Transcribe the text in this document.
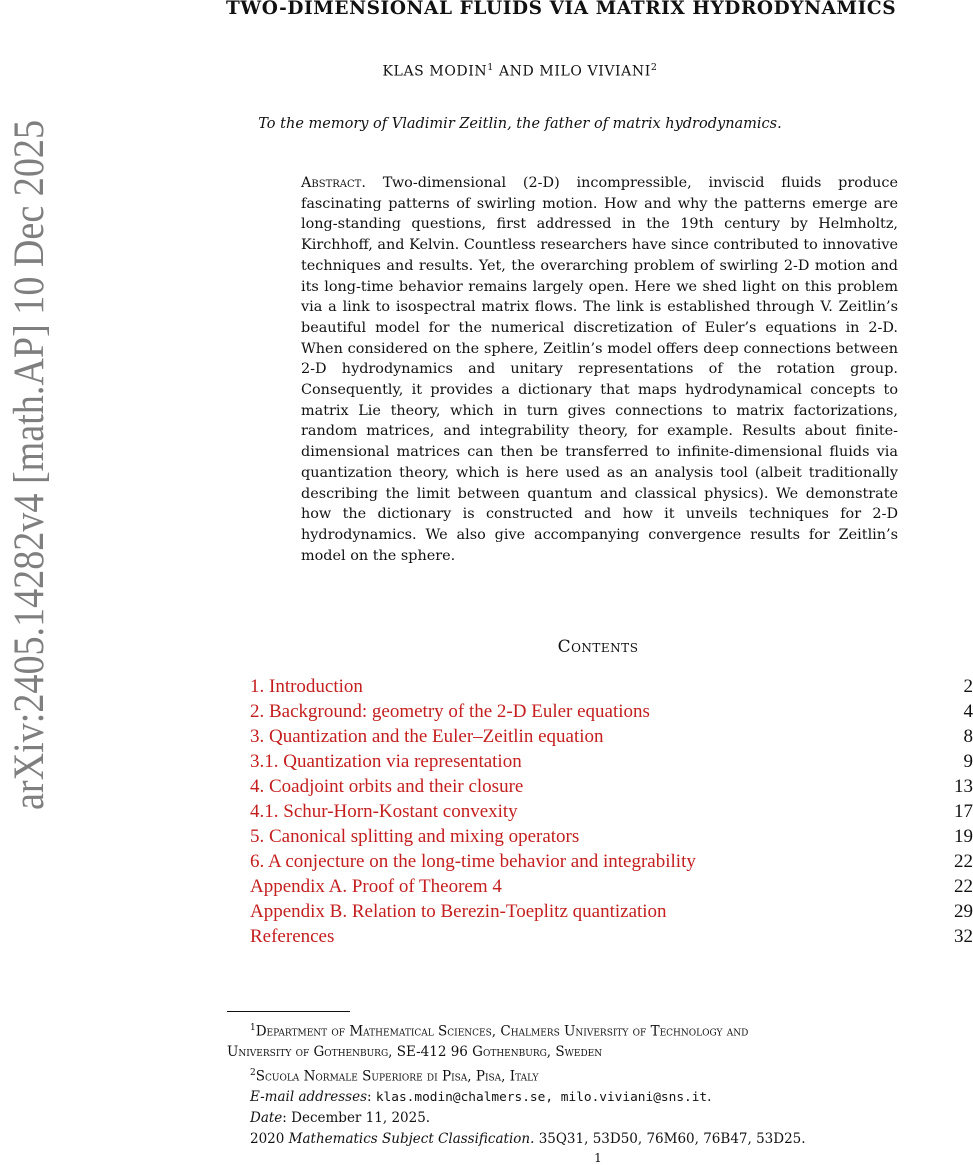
arXiv:2405.14282v4 [math.AP] 10 Dec 2025
TWO-DIMENSIONAL FLUIDS VIA MATRIX HYDRODYNAMICS
KLAS MODIN$^1$ AND MILO VIVIANI$^2$
To the memory of Vladimir Zeitlin, the father of matrix hydrodynamics.
Abstract. Two-dimensional (2-D) incompressible, inviscid fluids produce fascinating patterns of swirling motion. How and why the patterns emerge are long-standing questions, first addressed in the 19th century by Helmholtz, Kirchhoff, and Kelvin. Countless researchers have since contributed to innovative techniques and results. Yet, the overarching problem of swirling 2-D motion and its long-time behavior remains largely open. Here we shed light on this problem via a link to isospectral matrix flows. The link is established through V. Zeitlin’s beautiful model for the numerical discretization of Euler’s equations in 2-D. When considered on the sphere, Zeitlin’s model offers deep connections between 2-D hydrodynamics and unitary representations of the rotation group. Consequently, it provides a dictionary that maps hydrodynamical concepts to matrix Lie theory, which in turn gives connections to matrix factorizations, random matrices, and integrability theory, for example. Results about finite-dimensional matrices can then be transferred to infinite-dimensional fluids via quantization theory, which is here used as an analysis tool (albeit traditionally describing the limit between quantum and classical physics). We demonstrate how the dictionary is constructed and how it unveils techniques for 2-D hydrodynamics. We also give accompanying convergence results for Zeitlin’s model on the sphere.
Contents
1. Introduction	2
2. Background: geometry of the 2-D Euler equations	4
3. Quantization and the Euler–Zeitlin equation	8
3.1. Quantization via representation	9
4. Coadjoint orbits and their closure	13
4.1. Schur-Horn-Kostant convexity	17
5. Canonical splitting and mixing operators	19
6. A conjecture on the long-time behavior and integrability	22
Appendix A. Proof of Theorem 4	22
Appendix B. Relation to Berezin-Toeplitz quantization	29
References	32
$^1$Department of Mathematical Sciences, Chalmers University of Technology and
University of Gothenburg, SE-412 96 Gothenburg, Sweden
$^2$Scuola Normale Superiore di Pisa, Pisa, Italy
E-mail addresses: klas.modin@chalmers.se, milo.viviani@sns.it.
Date: December 11, 2025.
2020 Mathematics Subject Classification. 35Q31, 53D50, 76M60, 76B47, 53D25.
1
